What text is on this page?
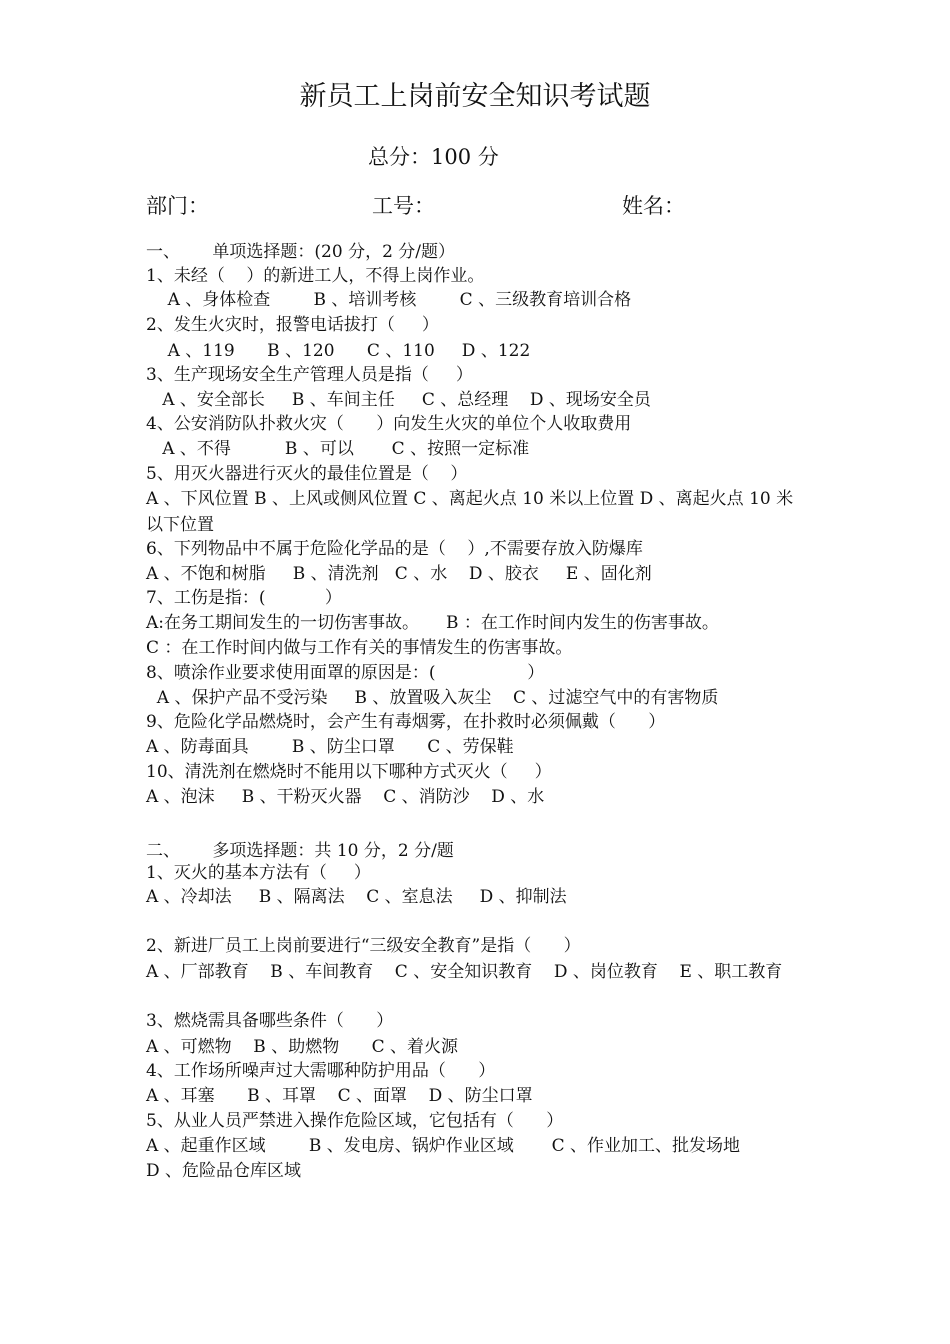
新员工上岗前安全知识考试题
总分：100 分
部门：	工号：	姓名：
一、      单项选择题：(20 分，2 分/题）
1、未经（    ）的新进工人，不得上岗作业。
A 、身体检查        B 、培训考核        C 、三级教育培训合格
2、发生火灾时，报警电话拔打（     ）
A 、119      B 、120      C 、110     D 、122
3、生产现场安全生产管理人员是指（     ）
A 、安全部长     B 、车间主任     C 、总经理    D 、现场安全员
4、公安消防队扑救火灾（      ）向发生火灾的单位个人收取费用
A 、不得          B 、可以       C 、按照一定标准
5、用灭火器进行灭火的最佳位置是（    ）
A 、下风位置 B 、上风或侧风位置 C 、离起火点 10 米以上位置 D 、离起火点 10 米
以下位置
6、下列物品中不属于危险化学品的是（    ）,不需要存放入防爆库
A 、不饱和树脂     B 、清洗剂   C 、水    D 、胶衣     E 、固化剂
7、工伤是指：(           ）
A:在务工期间发生的一切伤害事故。     B ：在工作时间内发生的伤害事故。
C ：在工作时间内做与工作有关的事情发生的伤害事故。
8、喷涂作业要求使用面罩的原因是：(                 ）
A 、保护产品不受污染     B 、放置吸入灰尘    C 、过滤空气中的有害物质
9、危险化学品燃烧时，会产生有毒烟雾，在扑救时必须佩戴（      ）
A 、防毒面具        B 、防尘口罩      C 、劳保鞋
10、清洗剂在燃烧时不能用以下哪种方式灭火（     ）
A 、泡沫     B 、干粉灭火器    C 、消防沙    D 、水
二、      多项选择题：共 10 分，2 分/题
1、灭火的基本方法有（     ）
A 、冷却法     B 、隔离法    C 、室息法     D 、抑制法
2、新进厂员工上岗前要进行“三级安全教育”是指（      ）
A 、厂部教育    B 、车间教育    C 、安全知识教育    D 、岗位教育    E 、职工教育
3、燃烧需具备哪些条件（      ）
A 、可燃物    B 、助燃物      C 、着火源
4、工作场所噪声过大需哪种防护用品（      ）
A 、耳塞      B 、耳罩    C 、面罩    D 、防尘口罩
5、从业人员严禁进入操作危险区域，它包括有（      ）
A 、起重作区域        B 、发电房、锅炉作业区域       C 、作业加工、批发场地
D 、危险品仓库区域
